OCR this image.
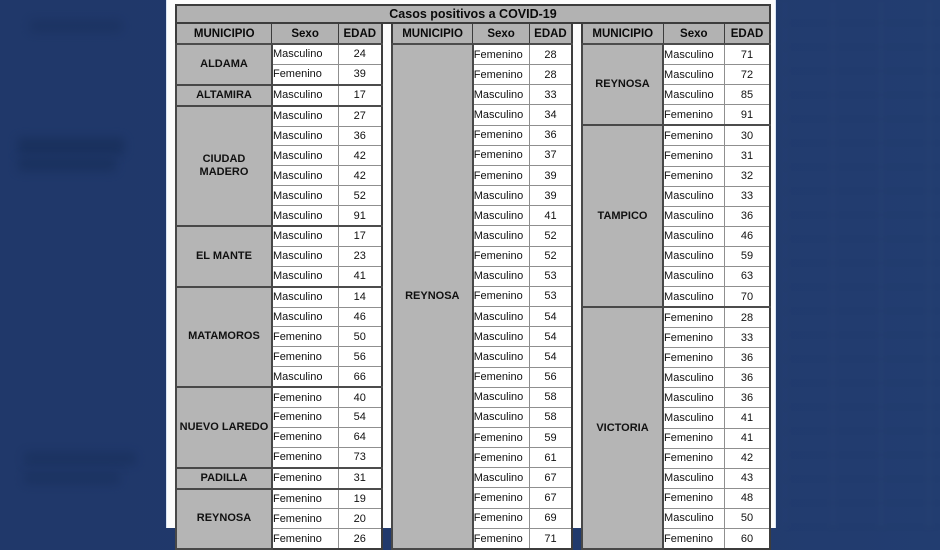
Casos positivos a COVID-19
MUNICIPIO	Sexo	EDAD
ALDAMA	Masculino	24
	Femenino	39
ALTAMIRA	Masculino	17
CIUDAD MADERO	Masculino	27
	Masculino	36
	Masculino	42
	Masculino	42
	Masculino	52
	Masculino	91
EL MANTE	Masculino	17
	Masculino	23
	Masculino	41
MATAMOROS	Masculino	14
	Masculino	46
	Femenino	50
	Femenino	56
	Masculino	66
NUEVO LAREDO	Femenino	40
	Femenino	54
	Femenino	64
	Femenino	73
PADILLA	Femenino	31
REYNOSA	Femenino	19
	Femenino	20
	Femenino	26
MUNICIPIO	Sexo	EDAD
REYNOSA	Femenino	28
	Femenino	28
	Masculino	33
	Masculino	34
	Femenino	36
	Femenino	37
	Femenino	39
	Masculino	39
	Masculino	41
	Masculino	52
	Femenino	52
	Masculino	53
	Femenino	53
	Masculino	54
	Masculino	54
	Masculino	54
	Femenino	56
	Masculino	58
	Masculino	58
	Femenino	59
	Femenino	61
	Masculino	67
	Femenino	67
	Femenino	69
	Femenino	71
MUNICIPIO	Sexo	EDAD
REYNOSA	Masculino	71
	Masculino	72
	Masculino	85
	Femenino	91
TAMPICO	Femenino	30
	Femenino	31
	Femenino	32
	Masculino	33
	Masculino	36
	Masculino	46
	Masculino	59
	Masculino	63
	Masculino	70
VICTORIA	Femenino	28
	Femenino	33
	Femenino	36
	Masculino	36
	Masculino	36
	Masculino	41
	Femenino	41
	Femenino	42
	Masculino	43
	Femenino	48
	Masculino	50
	Femenino	60
